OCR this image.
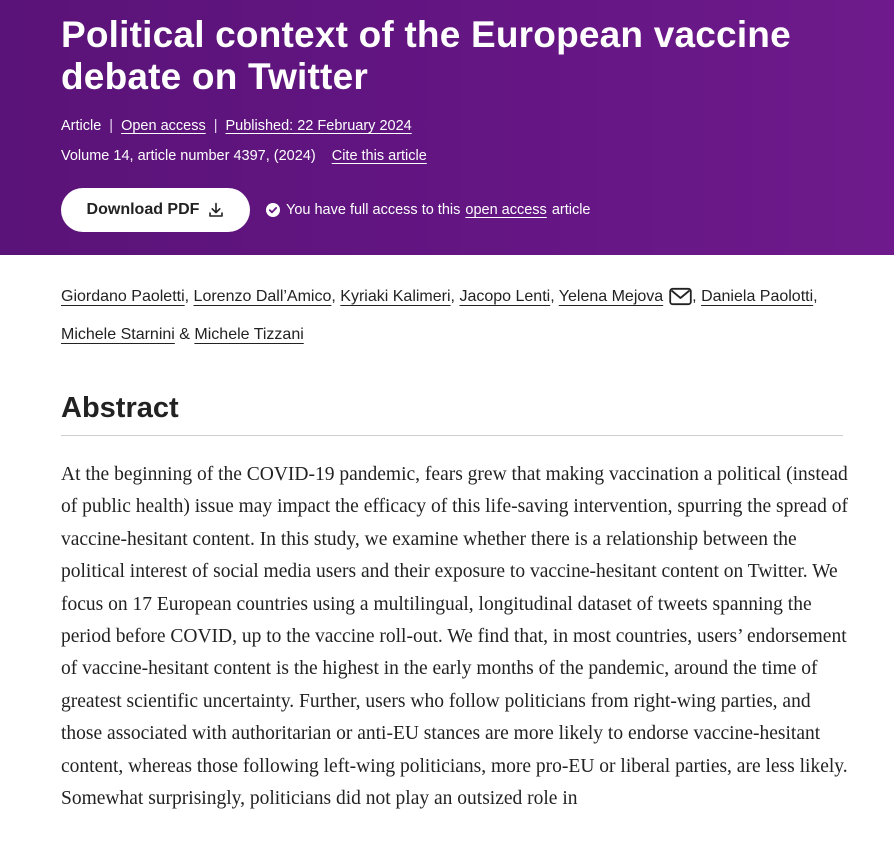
Political context of the European vaccine debate on Twitter
Article | Open access | Published: 22 February 2024
Volume 14, article number 4397, (2024) Cite this article
Download PDF	You have full access to this open access article
Giordano Paoletti, Lorenzo Dall’Amico, Kyriaki Kalimeri, Jacopo Lenti, Yelena Mejova , Daniela Paolotti, Michele Starnini & Michele Tizzani
Abstract

At the beginning of the COVID-19 pandemic, fears grew that making vaccination a political (instead of public health) issue may impact the efficacy of this life-saving intervention, spurring the spread of vaccine-hesitant content. In this study, we examine whether there is a relationship between the political interest of social media users and their exposure to vaccine-hesitant content on Twitter. We focus on 17 European countries using a multilingual, longitudinal dataset of tweets spanning the period before COVID, up to the vaccine roll-out. We find that, in most countries, users’ endorsement of vaccine-hesitant content is the highest in the early months of the pandemic, around the time of greatest scientific uncertainty. Further, users who follow politicians from right-wing parties, and those associated with authoritarian or anti-EU stances are more likely to endorse vaccine-hesitant content, whereas those following left-wing politicians, more pro-EU or liberal parties, are less likely. Somewhat surprisingly, politicians did not play an outsized role in
